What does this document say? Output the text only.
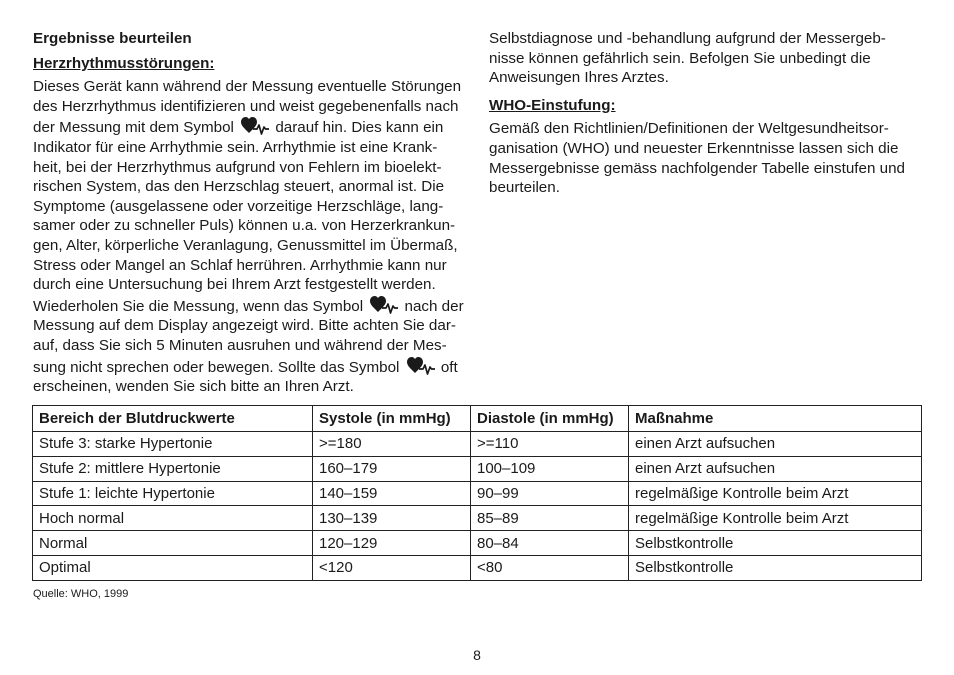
Ergebnisse beurteilen
Herzrhythmusstörungen:
Dieses Gerät kann während der Messung eventuelle Störungen
des Herzrhythmus identifizieren und weist gegebenenfalls nach
der Messung mit dem Symbol
darauf hin. Dies kann ein
Indikator für eine Arrhythmie sein. Arrhythmie ist eine Krank-
heit, bei der Herzrhythmus aufgrund von Fehlern im bioelekt-
rischen System, das den Herzschlag steuert, anormal ist. Die
Symptome (ausgelassene oder vorzeitige Herzschläge, lang-
samer oder zu schneller Puls) können u.a. von Herzerkrankun-
gen, Alter, körperliche Veranlagung, Genussmittel im Übermaß,
Stress oder Mangel an Schlaf herrühren. Arrhythmie kann nur
durch eine Untersuchung bei Ihrem Arzt festgestellt werden.
Wiederholen Sie die Messung, wenn das Symbol
nach der
Messung auf dem Display angezeigt wird. Bitte achten Sie dar-
auf, dass Sie sich 5 Minuten ausruhen und während der Mes-
sung nicht sprechen oder bewegen. Sollte das Symbol
oft
erscheinen, wenden Sie sich bitte an Ihren Arzt.
Selbstdiagnose und -behandlung aufgrund der Messergeb-
nisse können gefährlich sein. Befolgen Sie unbedingt die
Anweisungen Ihres Arztes.
WHO-Einstufung:
Gemäß den Richtlinien/Definitionen der Weltgesundheitsor-
ganisation (WHO) und neuester Erkenntnisse lassen sich die
Messergebnisse gemäss nachfolgender Tabelle einstufen und
beurteilen.
Bereich der Blutdruckwerte	Systole (in mmHg)	Diastole (in mmHg)	Maßnahme
Stufe 3: starke Hypertonie	>=180	>=110	einen Arzt aufsuchen
Stufe 2: mittlere Hypertonie	160–179	100–109	einen Arzt aufsuchen
Stufe 1: leichte Hypertonie	140–159	90–99	regelmäßige Kontrolle beim Arzt
Hoch normal	130–139	85–89	regelmäßige Kontrolle beim Arzt
Normal	120–129	80–84	Selbstkontrolle
Optimal	<120	<80	Selbstkontrolle
Quelle: WHO, 1999
8
